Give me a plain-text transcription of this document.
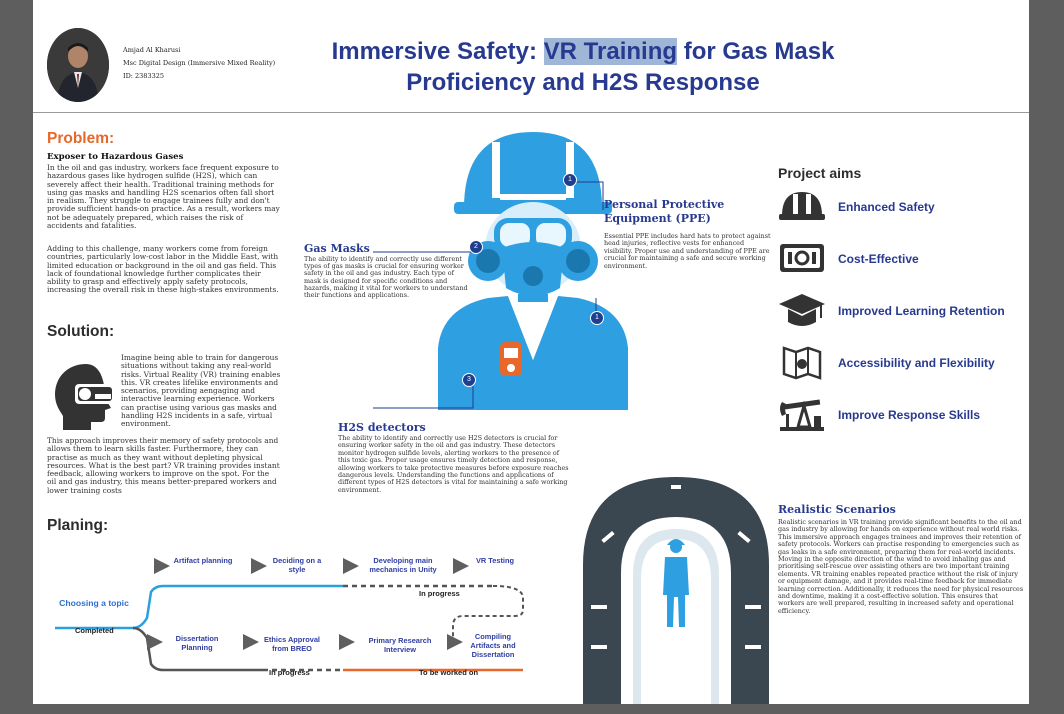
Amjad Al Kharusi
Msc Digital Design (Immersive Mixed Reality)
ID: 2383325
Immersive Safety: VR Training for Gas Mask
Proficiency and H2S Response
Problem:
Exposer to Hazardous Gases
In the oil and gas industry, workers face frequent exposure to hazardous gases like hydrogen sulfide (H2S), which can severely affect their health. Traditional training methods for using gas masks and handling H2S scenarios often fall short in realism. They struggle to engage trainees fully and don't provide sufficient hands-on practice. As a result, workers may not be adequately prepared, which raises the risk of accidents and fatalities.
Adding to this challenge, many workers come from foreign countries, particularly low-cost labor in the Middle East, with limited education or background in the oil and gas field. This lack of foundational knowledge further complicates their ability to grasp and effectively apply safety protocols, increasing the overall risk in these high-stakes environments.
Solution:
Imagine being able to train for dangerous situations without taking any real-world risks. Virtual Reality (VR) training enables this. VR creates lifelike environments and scenarios, providing aengaging and interactive learning experience. Workers can practise using various gas masks and handling H2S incidents in a safe, virtual environment.
This approach improves their memory of safety protocols and allows them to learn skills faster. Furthermore, they can practise as much as they want without depleting physical resources. What is the best part? VR training provides instant feedback, allowing workers to improve on the spot. For the oil and gas industry, this means better-prepared workers and lower training costs
1
2
1
3
Gas Masks
The ability to identify and correctly use different types of gas masks is crucial for ensuring worker safety in the oil and gas industry. Each type of mask is designed for specific conditions and hazards, making it vital for workers to understand their functions and applications.
Personal Protective Equipment (PPE)
Essential PPE includes hard hats to protect against head injuries, reflective vests for enhanced visibility. Proper use and understanding of PPE are crucial for maintaining a safe and secure working environment.
H2S detectors
The ability to identify and correctly use H2S detectors is crucial for ensuring worker safety in the oil and gas industry. These detectors monitor hydrogen sulfide levels, alerting workers to the presence of this toxic gas. Proper usage ensures timely detection and response, allowing workers to take protective measures before exposure reaches dangerous levels. Understanding the functions and applications of different types of H2S detectors is vital for maintaining a safe working environment.
Project aims
Enhanced Safety
Cost-Effective
Improved Learning Retention
Accessibility and Flexibility
Improve Response Skills
Realistic Scenarios
Realistic scenarios in VR training provide significant benefits to the oil and gas industry by allowing for hands on experience without real world risks. This immersive approach engages trainees and improves their retention of safety protocols. Workers can practise responding to emergencies such as gas leaks in a safe environment, preparing them for real-world incidents. Moving in the opposite direction of the wind to avoid inhaling gas and prioritising self-rescue over assisting others are two important training elements. VR training enables repeated practice without the risk of injury or equipment damage, and it provides real-time feedback for immediate learning correction. Additionally, it reduces the need for physical resources and downtime, making it a cost-effective solution. This ensures that workers are well prepared, resulting in increased safety and operational efficiency.
Planing:
Choosing a topic
Completed
Artifact planning	Deciding on a style
Developing main mechanics in Unity
VR Testing
In progress
Dissertation Planning
Ethics Approval from BREO
Primary Research Interview
Compiling Artifacts and Dissertation
In progress	To be worked on
